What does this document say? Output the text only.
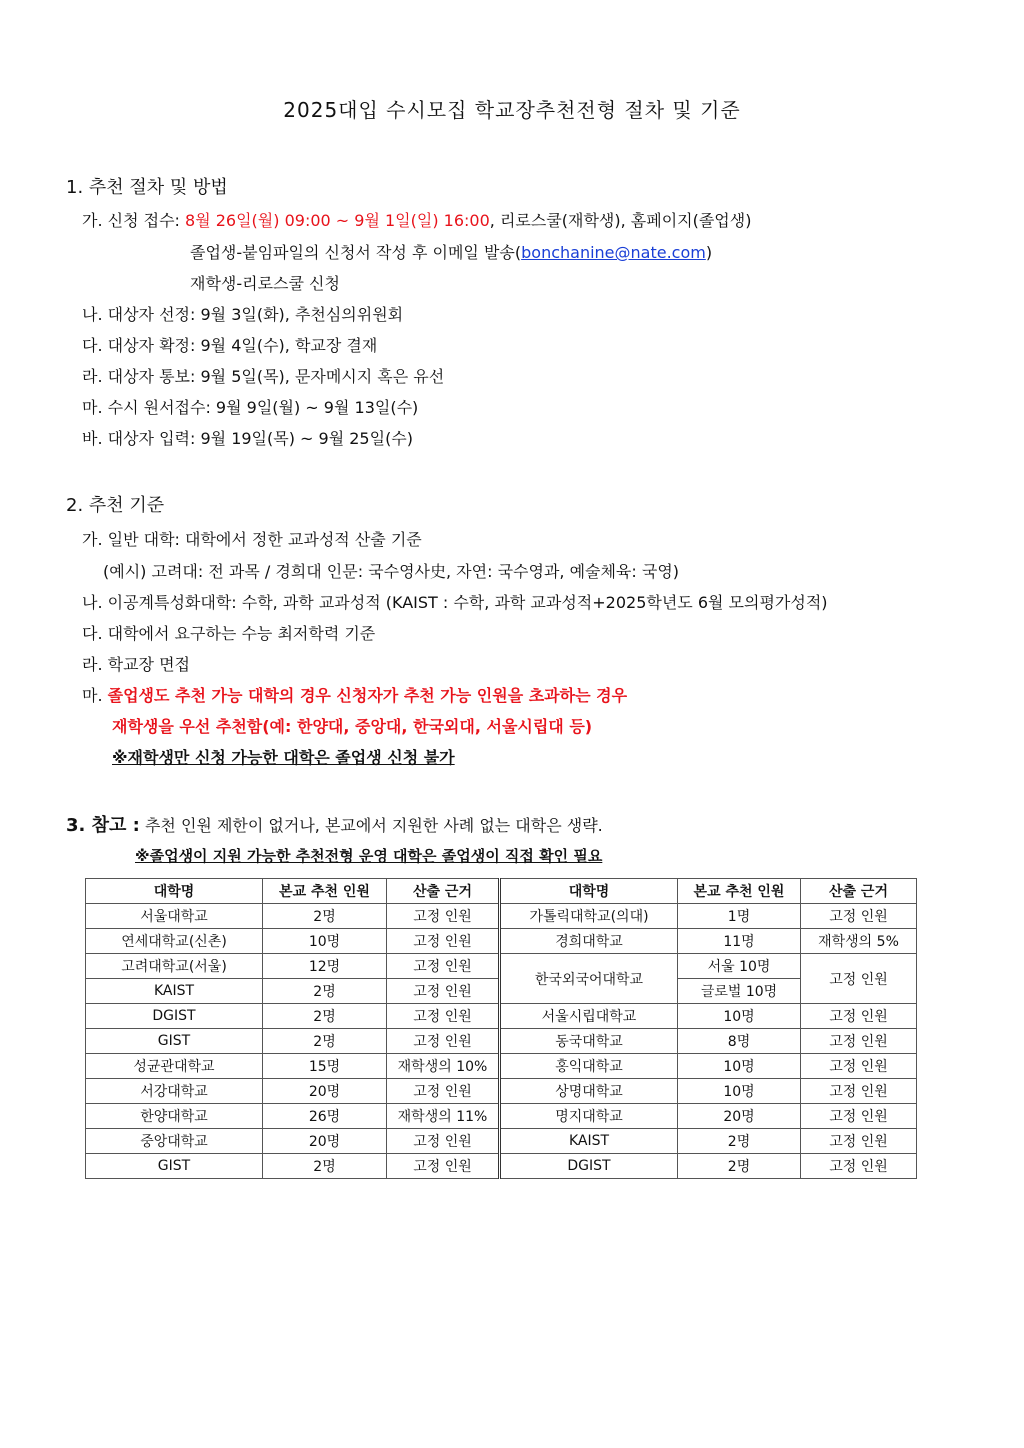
2025대입 수시모집 학교장추천전형 절차 및 기준
1. 추천 절차 및 방법
가. 신청 접수: 8월 26일(월) 09:00 ~ 9월 1일(일) 16:00, 리로스쿨(재학생), 홈페이지(졸업생)
졸업생-붙임파일의 신청서 작성 후 이메일 발송(bonchanine@nate.com)
재학생-리로스쿨 신청
나. 대상자 선정: 9월 3일(화), 추천심의위원회
다. 대상자 확정: 9월 4일(수), 학교장 결재
라. 대상자 통보: 9월 5일(목), 문자메시지 혹은 유선
마. 수시 원서접수: 9월 9일(월) ~ 9월 13일(수)
바. 대상자 입력: 9월 19일(목) ~ 9월 25일(수)
2. 추천 기준
가. 일반 대학: 대학에서 정한 교과성적 산출 기준
(예시) 고려대: 전 과목 / 경희대 인문: 국수영사史, 자연: 국수영과, 예술체육: 국영)
나. 이공계특성화대학: 수학, 과학 교과성적 (KAIST : 수학, 과학 교과성적+2025학년도 6월 모의평가성적)
다. 대학에서 요구하는 수능 최저학력 기준
라. 학교장 면접
마. 졸업생도 추천 가능 대학의 경우 신청자가 추천 가능 인원을 초과하는 경우
재학생을 우선 추천함(예: 한양대, 중앙대, 한국외대, 서울시립대 등)
※재학생만 신청 가능한 대학은 졸업생 신청 불가
3. 참고 : 추천 인원 제한이 없거나, 본교에서 지원한 사례 없는 대학은 생략.
※졸업생이 지원 가능한 추천전형 운영 대학은 졸업생이 직접 확인 필요
대학명	본교 추천 인원	산출 근거	대학명	본교 추천 인원	산출 근거
서울대학교	2명	고정 인원	가톨릭대학교(의대)	1명	고정 인원
연세대학교(신촌)	10명	고정 인원	경희대학교	11명	재학생의 5%
고려대학교(서울)	12명	고정 인원	한국외국어대학교	서울 10명	고정 인원
KAIST	2명	고정 인원		글로벌 10명	
DGIST	2명	고정 인원	서울시립대학교	10명	고정 인원
GIST	2명	고정 인원	동국대학교	8명	고정 인원
성균관대학교	15명	재학생의 10%	홍익대학교	10명	고정 인원
서강대학교	20명	고정 인원	상명대학교	10명	고정 인원
한양대학교	26명	재학생의 11%	명지대학교	20명	고정 인원
중앙대학교	20명	고정 인원	KAIST	2명	고정 인원
GIST	2명	고정 인원	DGIST	2명	고정 인원
